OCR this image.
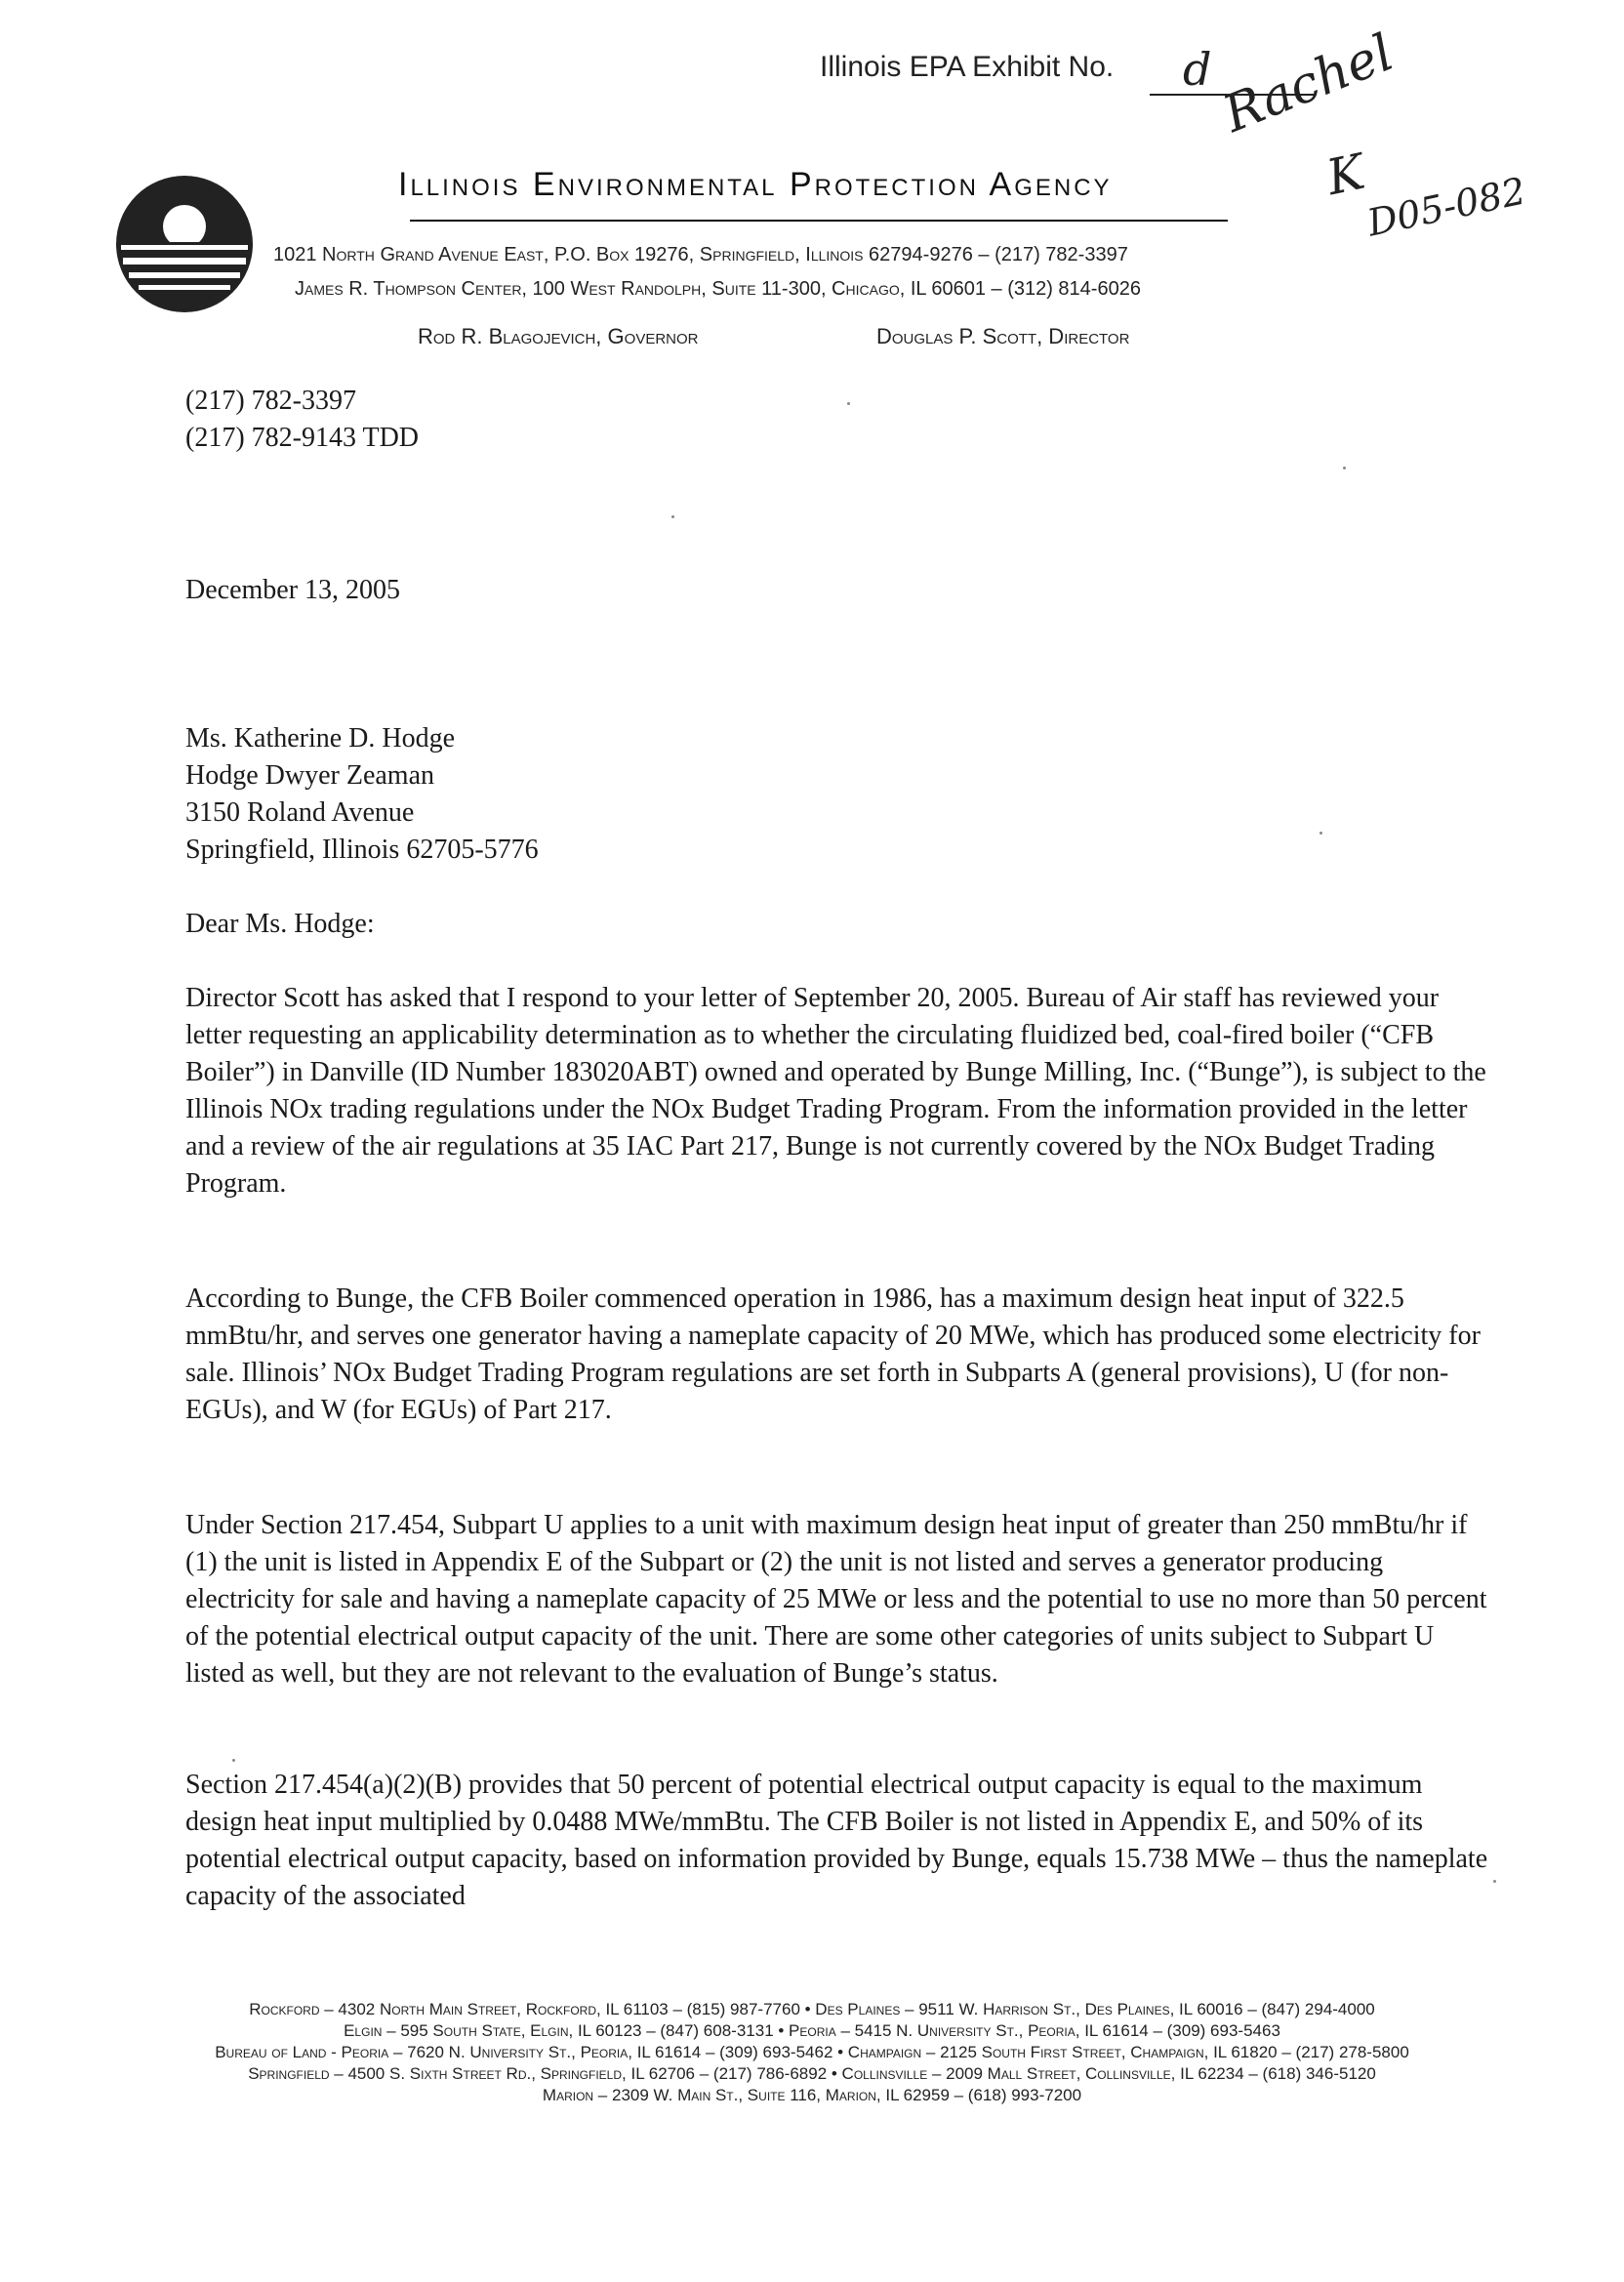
Illinois EPA Exhibit No. d Rachel
K
D05-082
Illinois Environmental Protection Agency
1021 North Grand Avenue East, P.O. Box 19276, Springfield, Illinois 62794-9276 – (217) 782-3397
James R. Thompson Center, 100 West Randolph, Suite 11-300, Chicago, IL 60601 – (312) 814-6026
Rod R. Blagojevich, Governor	Douglas P. Scott, Director
(217) 782-3397
(217) 782-9143 TDD
December 13, 2005
Ms. Katherine D. Hodge
Hodge Dwyer Zeaman
3150 Roland Avenue
Springfield, Illinois 62705-5776
Dear Ms. Hodge:

Director Scott has asked that I respond to your letter of September 20, 2005. Bureau of Air staff has reviewed your letter requesting an applicability determination as to whether the circulating fluidized bed, coal-fired boiler (“CFB Boiler”) in Danville (ID Number 183020ABT) owned and operated by Bunge Milling, Inc. (“Bunge”), is subject to the Illinois NOx trading regulations under the NOx Budget Trading Program. From the information provided in the letter and a review of the air regulations at 35 IAC Part 217, Bunge is not currently covered by the NOx Budget Trading Program.

According to Bunge, the CFB Boiler commenced operation in 1986, has a maximum design heat input of 322.5 mmBtu/hr, and serves one generator having a nameplate capacity of 20 MWe, which has produced some electricity for sale. Illinois’ NOx Budget Trading Program regulations are set forth in Subparts A (general provisions), U (for non-EGUs), and W (for EGUs) of Part 217.

Under Section 217.454, Subpart U applies to a unit with maximum design heat input of greater than 250 mmBtu/hr if (1) the unit is listed in Appendix E of the Subpart or (2) the unit is not listed and serves a generator producing electricity for sale and having a nameplate capacity of 25 MWe or less and the potential to use no more than 50 percent of the potential electrical output capacity of the unit. There are some other categories of units subject to Subpart U listed as well, but they are not relevant to the evaluation of Bunge’s status.

Section 217.454(a)(2)(B) provides that 50 percent of potential electrical output capacity is equal to the maximum design heat input multiplied by 0.0488 MWe/mmBtu. The CFB Boiler is not listed in Appendix E, and 50% of its potential electrical output capacity, based on information provided by Bunge, equals 15.738 MWe – thus the nameplate capacity of the associated

Rockford – 4302 North Main Street, Rockford, IL 61103 – (815) 987-7760 • Des Plaines – 9511 W. Harrison St., Des Plaines, IL 60016 – (847) 294-4000
Elgin – 595 South State, Elgin, IL 60123 – (847) 608-3131 • Peoria – 5415 N. University St., Peoria, IL 61614 – (309) 693-5463
Bureau of Land - Peoria – 7620 N. University St., Peoria, IL 61614 – (309) 693-5462 • Champaign – 2125 South First Street, Champaign, IL 61820 – (217) 278-5800
Springfield – 4500 S. Sixth Street Rd., Springfield, IL 62706 – (217) 786-6892 • Collinsville – 2009 Mall Street, Collinsville, IL 62234 – (618) 346-5120
Marion – 2309 W. Main St., Suite 116, Marion, IL 62959 – (618) 993-7200
